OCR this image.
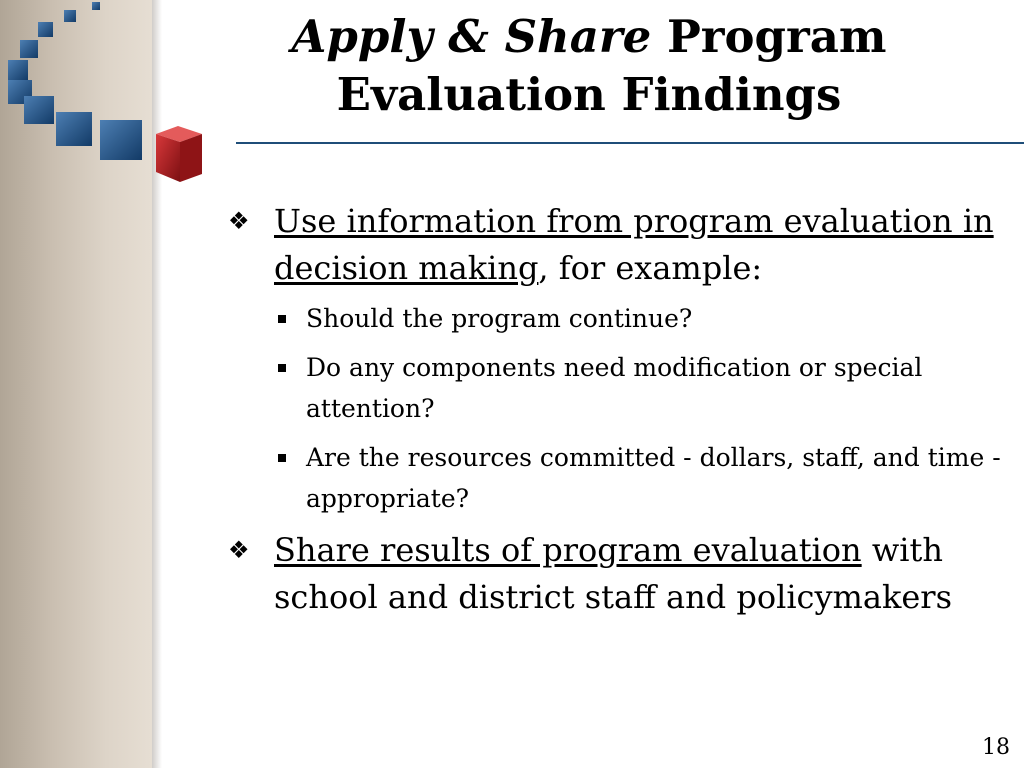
Apply & Share Program
Evaluation Findings
❖ Use information from program evaluation in decision making, for example:
Should the program continue?
Do any components need modification or special attention?
Are the resources committed - dollars, staff, and time - appropriate?
❖ Share results of program evaluation with school and district staff and policymakers
18
